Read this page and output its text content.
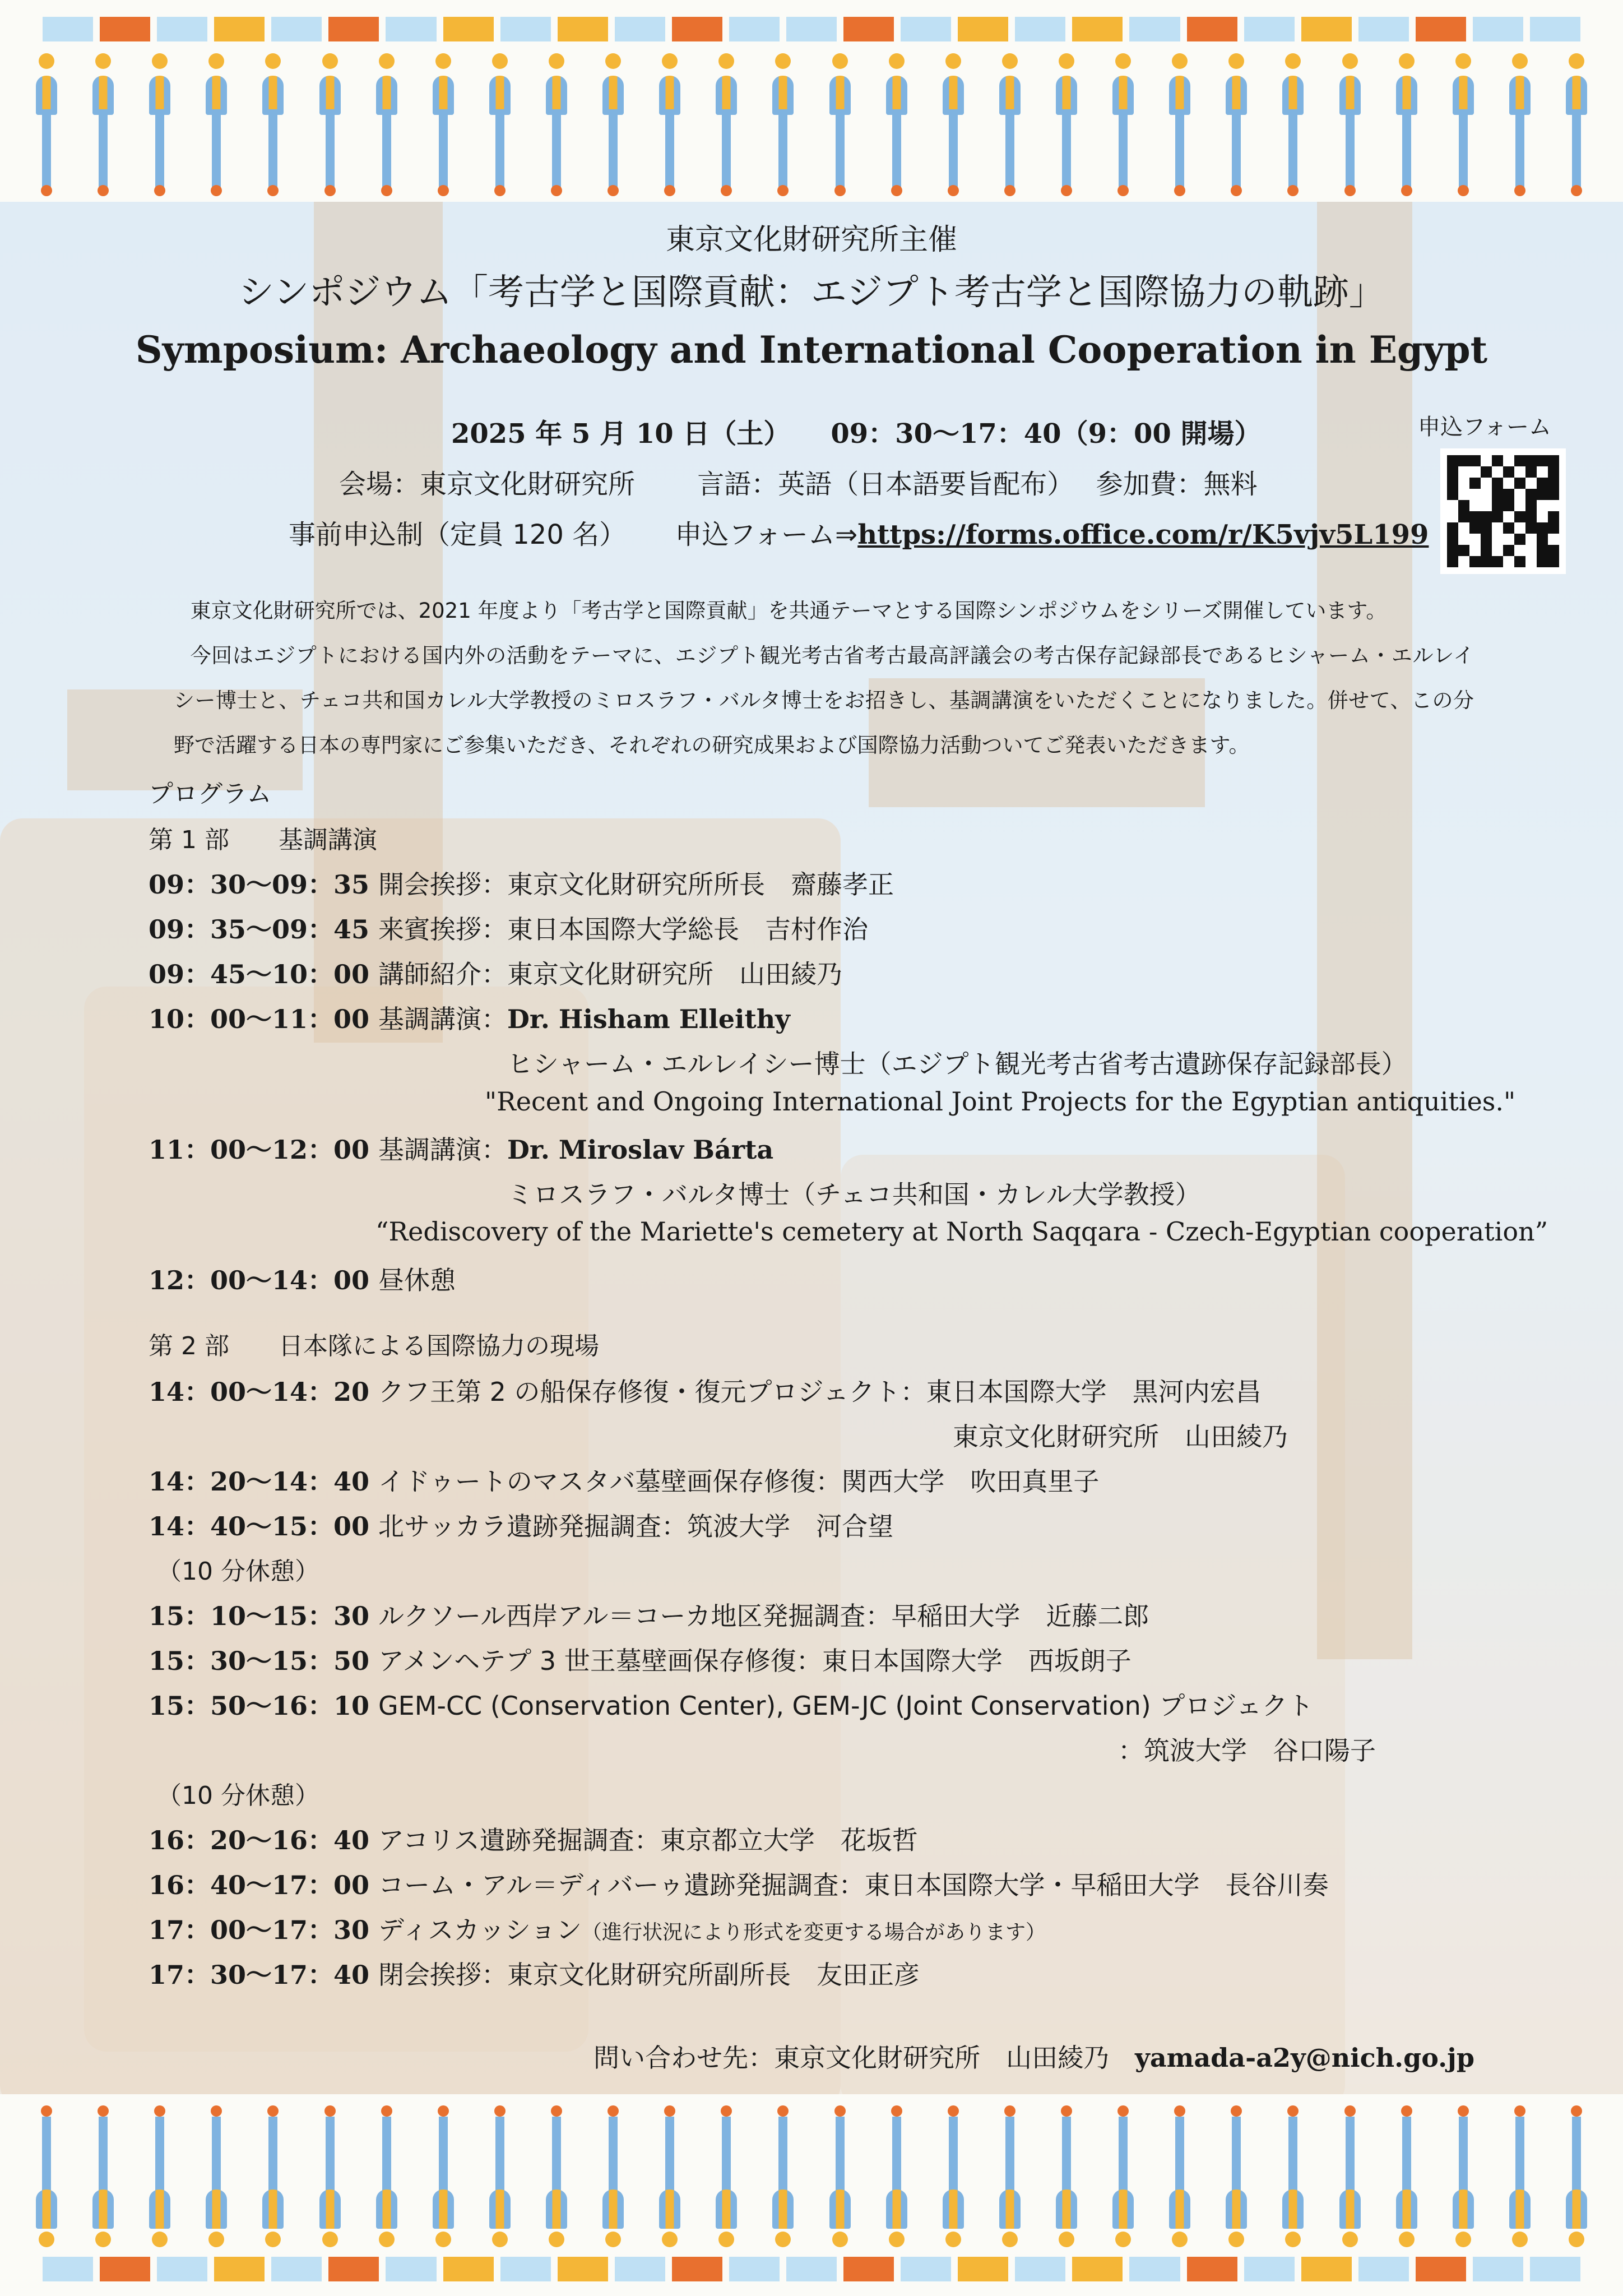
東京文化財研究所主催
シンポジウム「考古学と国際貢献：エジプト考古学と国際協力の軌跡」
Symposium: Archaeology and International Cooperation in Egypt
2025 年 5 月 10 日（土）　　 09：30〜17：40（9：00 開場）
会場：東京文化財研究所　　 言語：英語（日本語要旨配布）　 参加費：無料
事前申込制（定員 120 名）　　 申込フォーム⇒https://forms.office.com/r/K5vjv5L199
申込フォーム

東京文化財研究所では、2021 年度より「考古学と国際貢献」を共通テーマとする国際シンポジウムをシリーズ開催しています。

今回はエジプトにおける国内外の活動をテーマに、エジプト観光考古省考古最高評議会の考古保存記録部長であるヒシャーム・エルレイシー博士と、チェコ共和国カレル大学教授のミロスラフ・バルタ博士をお招きし、基調講演をいただくことになりました。併せて、この分野で活躍する日本の専門家にご参集いただき、それぞれの研究成果および国際協力活動ついてご発表いただきます。

プログラム
第 1 部　　基調講演
09：30〜09：35 開会挨拶：東京文化財研究所所長　齋藤孝正
09：35〜09：45 来賓挨拶：東日本国際大学総長　吉村作治
09：45〜10：00 講師紹介：東京文化財研究所　山田綾乃
10：00〜11：00 基調講演：Dr. Hisham Elleithy
ヒシャーム・エルレイシー博士（エジプト観光考古省考古遺跡保存記録部長）
"Recent and Ongoing International Joint Projects for the Egyptian antiquities."
11：00〜12：00 基調講演：Dr. Miroslav Bárta
ミロスラフ・バルタ博士（チェコ共和国・カレル大学教授）
“Rediscovery of the Mariette's cemetery at North Saqqara - Czech-Egyptian cooperation”
12：00〜14：00 昼休憩
第 2 部　　日本隊による国際協力の現場
14：00〜14：20 クフ王第 2 の船保存修復・復元プロジェクト：東日本国際大学　黒河内宏昌
東京文化財研究所　山田綾乃
14：20〜14：40 イドゥートのマスタバ墓壁画保存修復：関西大学　吹田真里子
14：40〜15：00 北サッカラ遺跡発掘調査：筑波大学　河合望
（10 分休憩）
15：10〜15：30 ルクソール西岸アル＝コーカ地区発掘調査：早稲田大学　近藤二郎
15：30〜15：50 アメンヘテプ 3 世王墓壁画保存修復：東日本国際大学　西坂朗子
15：50〜16：10 GEM-CC (Conservation Center), GEM-JC (Joint Conservation) プロジェクト
：筑波大学　谷口陽子
（10 分休憩）
16：20〜16：40 アコリス遺跡発掘調査：東京都立大学　花坂哲
16：40〜17：00 コーム・アル＝ディバーゥ遺跡発掘調査：東日本国際大学・早稲田大学　長谷川奏
17：00〜17：30 ディスカッション（進行状況により形式を変更する場合があります）
17：30〜17：40 閉会挨拶：東京文化財研究所副所長　友田正彦
問い合わせ先：東京文化財研究所　山田綾乃　 yamada-a2y@nich.go.jp
